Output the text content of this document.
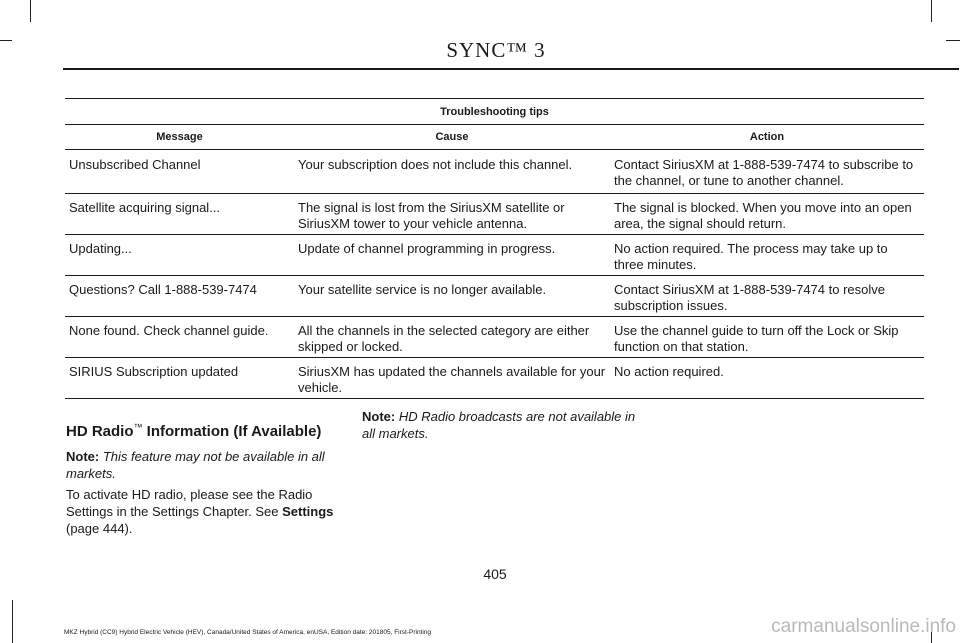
SYNC™ 3
Troubleshooting tips		
Message	Cause	Action
Unsubscribed Channel	Your subscription does not include this channel.	Contact SiriusXM at 1-888-539-7474 to subscribe to the channel, or tune to another channel.
Satellite acquiring signal...	The signal is lost from the SiriusXM satellite or SiriusXM tower to your vehicle antenna.	The signal is blocked. When you move into an open area, the signal should return.
Updating...	Update of channel programming in progress.	No action required. The process may take up to three minutes.
Questions? Call 1-888-539-7474	Your satellite service is no longer available.	Contact SiriusXM at 1-888-539-7474 to resolve subscription issues.
None found. Check channel guide.	All the channels in the selected category are either skipped or locked.	Use the channel guide to turn off the Lock or Skip function on that station.
SIRIUS Subscription updated	SiriusXM has updated the channels available for your vehicle.	No action required.
HD Radio™ Information (If Available)
Note: This feature may not be available in all markets.
To activate HD radio, please see the Radio Settings in the Settings Chapter. See Settings (page 444).
Note: HD Radio broadcasts are not available in all markets.
405
MKZ Hybrid (CC9) Hybrid Electric Vehicle (HEV), Canada/United States of America, enUSA, Edition date: 201805, First-Printing	carmanualsonline.info
